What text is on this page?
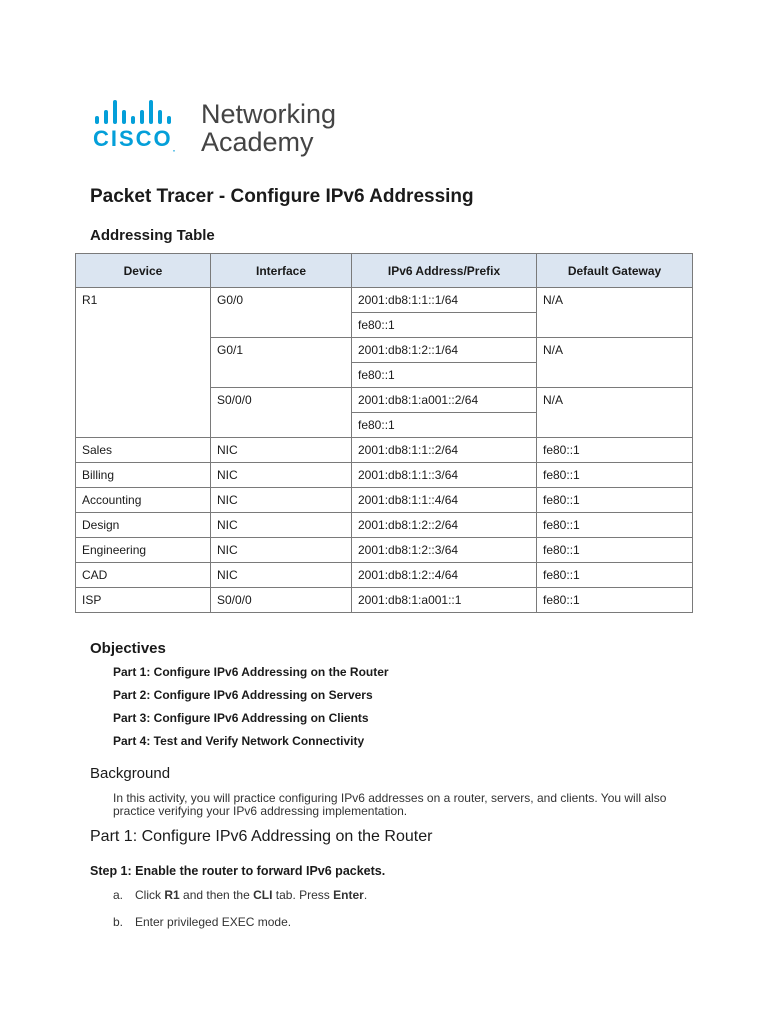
$CISCO_.$
Networking
Academy
Packet Tracer - Configure IPv6 Addressing
Addressing Table
Device	Interface	IPv6 Address/Prefix	Default Gateway
R1	G0/0	2001:db8:1:1::1/64	N/A
		fe80::1	
	G0/1	2001:db8:1:2::1/64	N/A
		fe80::1	
	S0/0/0	2001:db8:1:a001::2/64	N/A
		fe80::1	
Sales	NIC	2001:db8:1:1::2/64	fe80::1
Billing	NIC	2001:db8:1:1::3/64	fe80::1
Accounting	NIC	2001:db8:1:1::4/64	fe80::1
Design	NIC	2001:db8:1:2::2/64	fe80::1
Engineering	NIC	2001:db8:1:2::3/64	fe80::1
CAD	NIC	2001:db8:1:2::4/64	fe80::1
ISP	S0/0/0	2001:db8:1:a001::1	fe80::1
Objectives

Part 1: Configure IPv6 Addressing on the Router

Part 2: Configure IPv6 Addressing on Servers

Part 3: Configure IPv6 Addressing on Clients

Part 4: Test and Verify Network Connectivity

Background

In this activity, you will practice configuring IPv6 addresses on a router, servers, and clients. You will also practice verifying your IPv6 addressing implementation.

Part 1: Configure IPv6 Addressing on the Router

Step 1: Enable the router to forward IPv6 packets.

a. Click R1 and then the CLI tab. Press Enter.

b. Enter privileged EXEC mode.
